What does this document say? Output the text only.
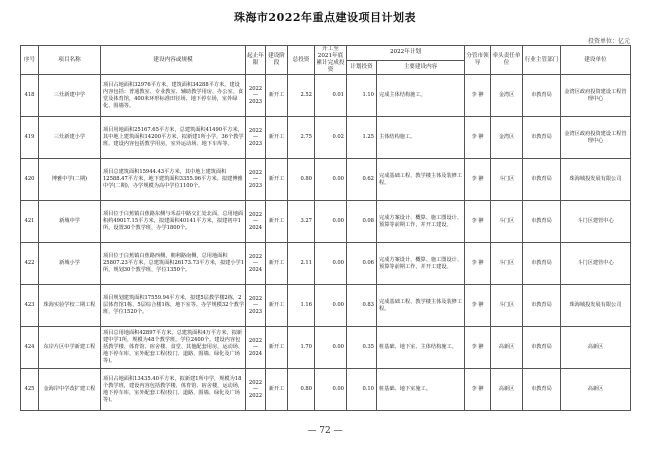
珠海市2022年重点建设项目计划表
投资单位：亿元
序号	项目名称	建设内容或规模	起止年限	建设阶段	总投资	开工至2021年底累计完成投资	2022年计划		分管市领导	牵头责任单位	行业主管部门	建设单位
							计划投资	主要建设内容				
418	三灶新建中学	项目占地面积32976平方米，建筑面积34288平方米。建设内容包括：普通教室、专业教室、辅助教学用房、办公室、食堂及体育馆，400米环形标准田径场、地下停车场，室外绿化、围墙等。	2022
—
2023	新开工	2.52	0.01	1.10	完成主体结构施工。	李 翀	金湾区	市教育局	金湾区政府投资建设工程管理中心
419	三灶新建小学	项目用地面积25167.65平方米，总建筑面积41490平方米，其中地上建筑面积14200平方米，拟新建1所小学，36个教学班。建设内容包括教学用房，室外运动场、地下车库等。	2022
—
2023	新开工	2.75	0.02	1.25	主体结构施工。	李 翀	金湾区	市教育局	金湾区政府投资建设工程管理中心
420	博雅中学(二期)	项目总建筑面积15944.43平方米，其中地上建筑面积12588.47平方米，地下建筑面积3355.96平方米。拟建博雅中学(二期)，办学规模为高中学位1100个。	2022
—
2023	新开工	0.80	0.00	0.62	完成基础工程、教学楼主体及装修工程。	李 翀	斗门区	市教育局	珠海城投发展有限公司
421	新城中学	项目位于白蕉镇白蕉路东侧与禾益中路交汇处北面，总用地面积约49017.15平方米，拟建面积40141平方米，拟建初中1所，设置30个教学班，办学1800个。	2022
—
2024	新开工	3.27	0.00	0.08	完成方案设计、概算、施工图设计、预算等前期工作，并开工建设。	李 翀	斗门区	市教育局	斗门区建管中心
422	新城小学	项目位于白蕉镇白蕉路西侧、朝利路南侧，总用地面积25807.23平方米，总建筑面积26173.73平方米，拟建小学1所，规划30个教学班，学位1350个。	2022
—
2024	新开工	2.11	0.00	0.06	完成方案设计、概算、施工图设计、预算等前期工作，并开工建设。	李 翀	斗门区	市教育局	斗门区建管中心
423	珠海实验学校二期工程	项目规划建筑面积17559.94平方米，拟建5层教学楼2栋，2层体育馆1栋，5层综合楼1栋，地下室等。办学规模32个教学班，学位1520个。	2022
—
2023	新开工	1.16	0.00	0.83	完成基础工程、教学楼主体及装修工程。	李 翀	斗门区	市教育局	珠海城投发展有限公司
424	东岸片区中学新建工程	项目总用地面积42897平方米，总建筑面积4万平方米，拟新建中学1所，规模为48个教学班，学位2400个。建设内容包括教学楼、体育馆、宿舍楼、食堂、其他配套用房，运动场、地下停车库、室外配套工程(校门、道路、围墙、绿化及广场等)。	2022
—
2024	新开工	1.70	0.00	0.35	桩基础、地下室、主体结构施工。	李 翀	高新区	市教育局	高新区
425	金海岸中学改扩建工程	项目占地面积13435.40平方米，拟新建1所中学，规模为18个教学班，建设内容包括教学楼、体育馆、宿舍楼，运动场，地下停车库，室外配套工程(校门、道路、围墙、绿化及广场等)。	2022
—
2022	新开工	0.80	0.00	0.10	桩基础、地下室施工。	李 翀	高新区	市教育局	高新区
— 72 —
